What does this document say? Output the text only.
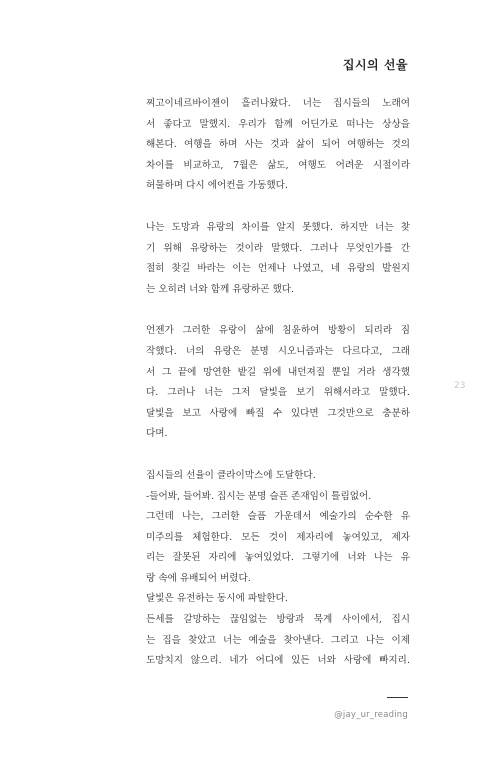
집시의 선율

찌고이네르바이젠이 흘러나왔다. 너는 집시들의 노래여
서 좋다고 말했지. 우리가 함께 어딘가로 떠나는 상상을
해본다. 여행을 하며 사는 것과 삶이 되어 여행하는 것의
차이를 비교하고, 7월은 삶도, 여행도 어려운 시절이라
허물하며 다시 에어컨을 가동했다.

나는 도망과 유랑의 차이를 알지 못했다. 하지만 너는 찾
기 위해 유랑하는 것이라 말했다. 그러나 무엇인가를 간
절히 찾길 바라는 이는 언제나 나였고, 네 유랑의 발원지
는 오히려 너와 함께 유랑하곤 했다.

언젠가 그러한 유랑이 삶에 침윤하여 방황이 되리라 짐
작했다. 너의 유랑은 분명 시오니즘과는 다르다고, 그래
서 그 끝에 망연한 밭길 위에 내던져질 뿐일 거라 생각했
다. 그러나 너는 그저 달빛을 보기 위해서라고 말했다.
달빛을 보고 사랑에 빠질 수 있다면 그것만으로 충분하
다며.

집시들의 선율이 클라이막스에 도달한다.
-들어봐, 들어봐. 집시는 분명 슬픈 존재임이 틀림없어.
그런데 나는, 그러한 슬픔 가운데서 예술가의 순수한 유
미주의를 체험한다. 모든 것이 제자리에 놓여있고, 제자
리는 잘못된 자리에 놓여있었다. 그렇기에 너와 나는 유
랑 속에 유배되어 버렸다.
달빛은 유전하는 동시에 파탈한다.
든세를 갈망하는 끊임없는 방랑과 묵계 사이에서, 집시
는 집을 찾았고 너는 예술을 찾아낸다. 그리고 나는 이제
도망치지 않으리. 네가 어디에 있든 너와 사랑에 빠지리.

23
@jay_ur_reading
